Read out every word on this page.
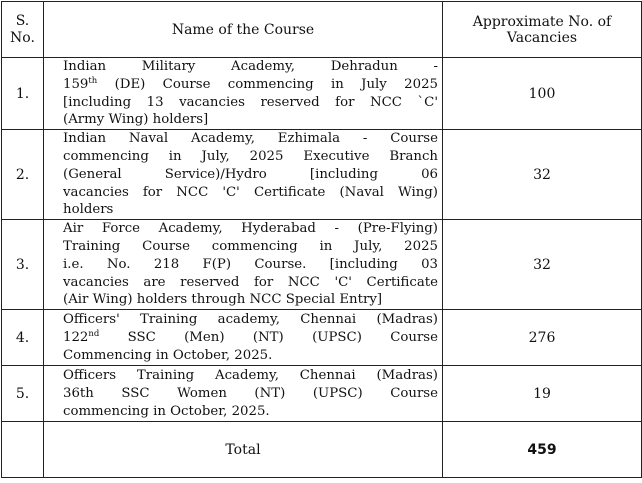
S. No.	Name of the Course	Approximate No. of Vacancies
1.	Indian Military Academy, Dehradun -
159th (DE) Course commencing in July 2025
[including 13 vacancies reserved for NCC `C'
(Army Wing) holders]	100
2.	Indian Naval Academy, Ezhimala - Course
commencing in July, 2025 Executive Branch
(General Service)/Hydro [including 06
vacancies for NCC 'C' Certificate (Naval Wing)
holders	32
3.	Air Force Academy, Hyderabad - (Pre-Flying)
Training Course commencing in July, 2025
i.e. No. 218 F(P) Course. [including 03
vacancies are reserved for NCC 'C' Certificate
(Air Wing) holders through NCC Special Entry]	32
4.	Officers' Training academy, Chennai (Madras)
122nd SSC (Men) (NT) (UPSC) Course
Commencing in October, 2025.	276
5.	Officers Training Academy, Chennai (Madras)
36th SSC Women (NT) (UPSC) Course
commencing in October, 2025.	19
	Total	459
